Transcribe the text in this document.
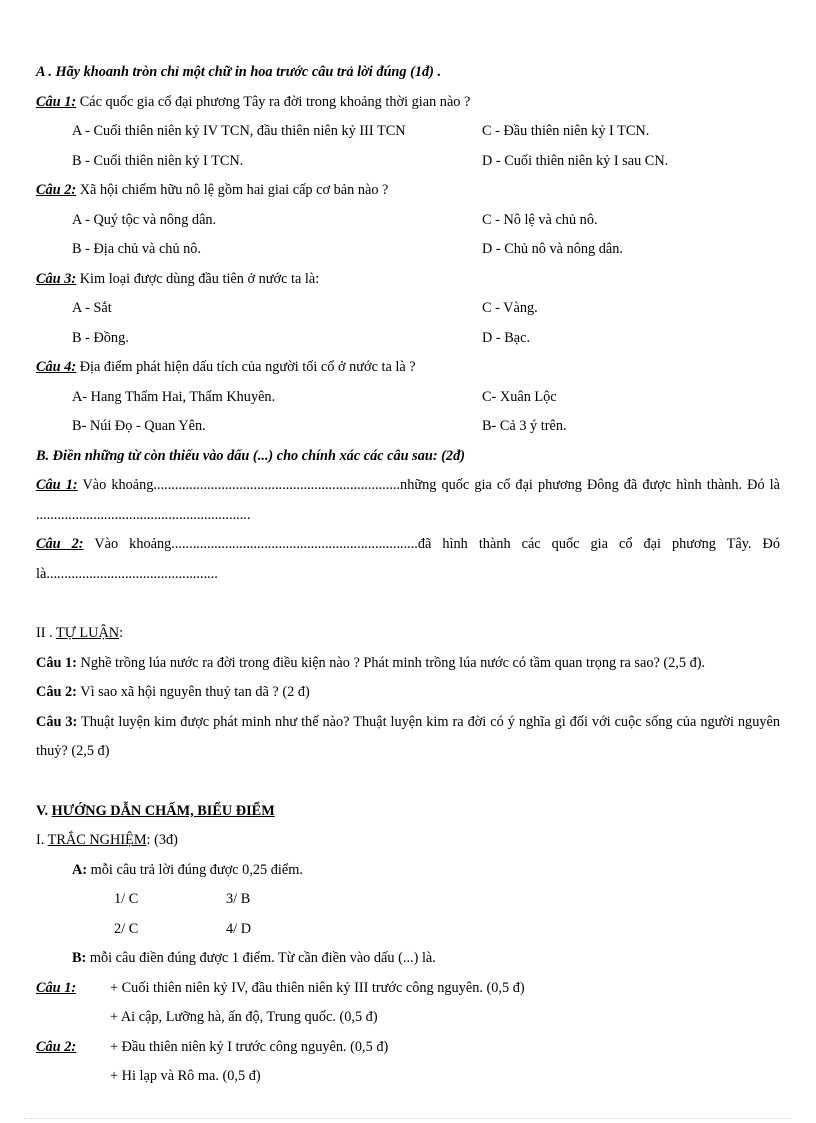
A . Hãy khoanh tròn chỉ một chữ in hoa trước câu trả lời đúng (1đ) .
Câu 1: Các quốc gia cổ đại phương Tây ra đời trong khoảng thời gian nào ?
A - Cuối thiên niên kỷ IV TCN, đầu thiên niên kỷ III TCN	C - Đầu thiên niên kỷ I TCN.
B - Cuối thiên niên kỷ I TCN.	D - Cuối thiên niên kỷ I sau CN.
Câu 2: Xã hội chiếm hữu nô lệ gồm hai giai cấp cơ bản nào ?
A - Quý tộc và nông dân.	C - Nô lệ và chủ nô.
B - Địa chủ và chủ nô.	D - Chủ nô và nông dân.
Câu 3: Kim loại được dùng đầu tiên ở nước ta là:
A - Sắt	C - Vàng.
B - Đồng.	D - Bạc.
Câu 4: Địa điểm phát hiện dấu tích của người tối cổ ở nước ta là ?
A- Hang Thẩm Hai, Thẩm Khuyên.	C- Xuân Lộc
B- Núi Đọ - Quan Yên.	B- Cả 3 ý trên.
B. Điền những từ còn thiếu vào dấu (...) cho chính xác các câu sau: (2đ)
Câu 1: Vào khoảng.....................................................................những quốc gia cổ đại phương Đông đã được hình thành. Đó là ............................................................
Câu 2: Vào khoảng.....................................................................đã hình thành các quốc gia cổ đại phương Tây. Đó là................................................
II . TỰ LUẬN:
Câu 1: Nghề trồng lúa nước ra đời trong điều kiện nào ? Phát minh trồng lúa nước có tầm quan trọng ra sao? (2,5 đ).
Câu 2: Vì sao xã hội nguyên thuỷ tan dã ? (2 đ)
Câu 3: Thuật luyện kim được phát minh như thế nào? Thuật luyện kim ra đời có ý nghĩa gì đối với cuộc sống của người nguyên thuỷ? (2,5 đ)
V. HƯỚNG DẪN CHẤM, BIỂU ĐIỂM
I. TRẮC NGHIỆM: (3đ)
A: mỗi câu trả lời đúng được 0,25 điểm.
1/ C	3/ B
2/ C	4/ D
B: mỗi câu điền đúng được 1 điểm. Từ cần điền vào dấu (...) là.
Câu 1:	+ Cuối thiên niên kỷ IV, đầu thiên niên kỷ III trước công nguyên. (0,5 đ)
+ Ai cập, Lưỡng hà, ấn độ, Trung quốc. (0,5 đ)
Câu 2:	+ Đầu thiên niên kỷ I trước công nguyên. (0,5 đ)
+ Hi lạp và Rô ma. (0,5 đ)
